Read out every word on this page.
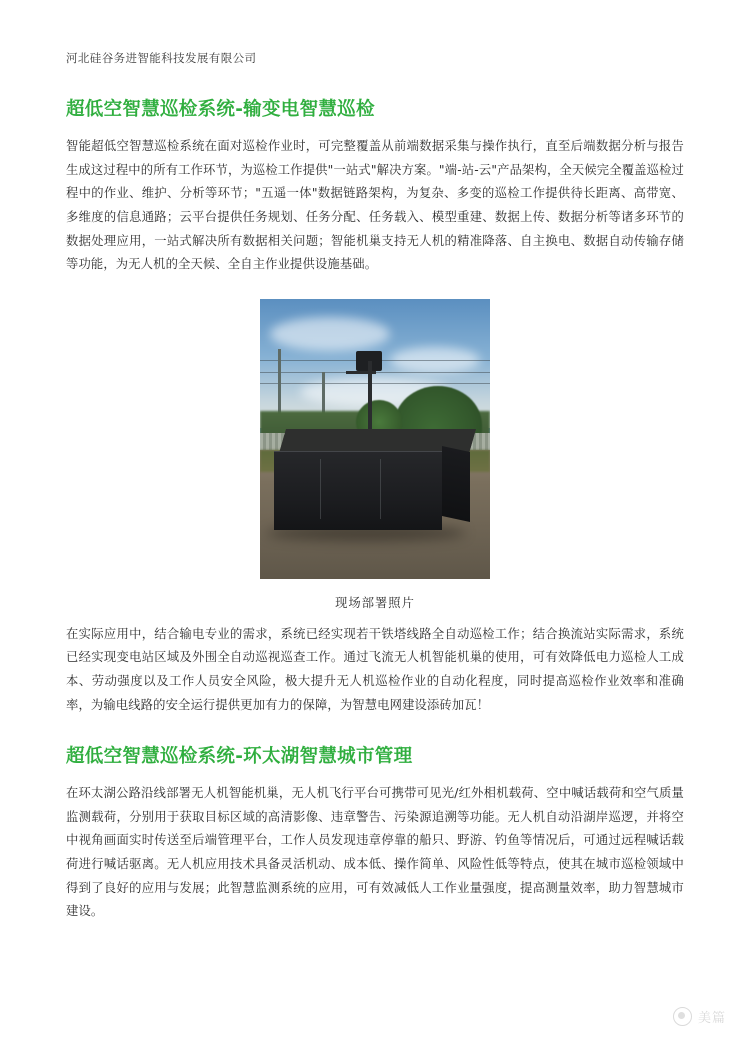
河北硅谷务进智能科技发展有限公司
超低空智慧巡检系统-输变电智慧巡检

智能超低空智慧巡检系统在面对巡检作业时，可完整覆盖从前端数据采集与操作执行，直至后端数据分析与报告生成这过程中的所有工作环节，为巡检工作提供"一站式"解决方案。"端-站-云"产品架构，全天候完全覆盖巡检过程中的作业、维护、分析等环节；"五遥一体"数据链路架构，为复杂、多变的巡检工作提供待长距离、高带宽、多维度的信息通路；云平台提供任务规划、任务分配、任务载入、模型重建、数据上传、数据分析等诸多环节的数据处理应用，一站式解决所有数据相关问题；智能机巢支持无人机的精准降落、自主换电、数据自动传输存储等功能，为无人机的全天候、全自主作业提供设施基础。

现场部署照片

在实际应用中，结合输电专业的需求，系统已经实现若干铁塔线路全自动巡检工作；结合换流站实际需求，系统已经实现变电站区域及外围全自动巡视巡查工作。通过飞流无人机智能机巢的使用，可有效降低电力巡检人工成本、劳动强度以及工作人员安全风险，极大提升无人机巡检作业的自动化程度，同时提高巡检作业效率和准确率，为输电线路的安全运行提供更加有力的保障，为智慧电网建设添砖加瓦！

超低空智慧巡检系统-环太湖智慧城市管理

在环太湖公路沿线部署无人机智能机巢，无人机飞行平台可携带可见光/红外相机载荷、空中喊话载荷和空气质量监测载荷，分别用于获取目标区域的高清影像、违章警告、污染源追溯等功能。无人机自动沿湖岸巡逻，并将空中视角画面实时传送至后端管理平台，工作人员发现违章停靠的船只、野游、钓鱼等情况后，可通过远程喊话载荷进行喊话驱离。无人机应用技术具备灵活机动、成本低、操作简单、风险性低等特点，使其在城市巡检领域中得到了良好的应用与发展；此智慧监测系统的应用，可有效减低人工作业量强度，提高测量效率，助力智慧城市建设。

美篇
